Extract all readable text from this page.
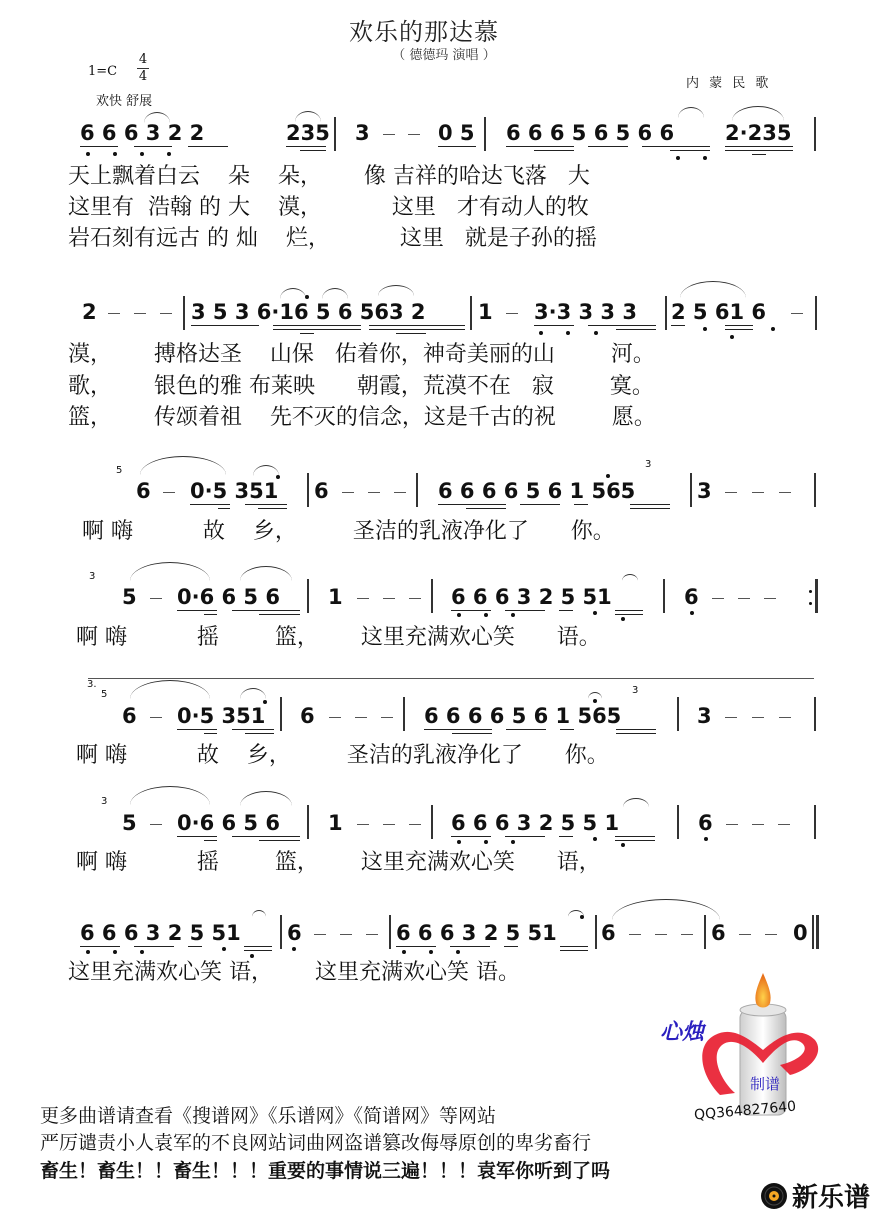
欢乐的那达慕
（ 德德玛 演唱 ）
1=C
4
4
欢快 舒展
内 蒙 民 歌
6 6 6 3 2 2	235 3	0 5 6 6 6 5 6 5 6 6 2·235
天上飘着白云    朵    朵，      像 吉祥的哈达飞落   大
这里有  浩翰 的 大    漠，          这里   才有动人的牧
岩石刻有远古 的 灿    烂，          这里   就是子孙的摇
2	3 5 3 6·16 5 6 563 2	1 3·3 3 3 3 2 5 61 6
漠，      搏格达圣    山保   佑着你，神奇美丽的山        河。
歌，      银色的雅 布莱映      朝霞，荒漠不在   寂        寞。
篮，      传颂着祖    先不灭的信念，这是千古的祝        愿。
5
6 0·5 351 6	6 6 6 6 5 6 1 565
3
3
啊 嗨          故    乡，        圣洁的乳液净化了      你。
3
5 0·6 6 5 6 1	6 6 6 3 2 5 51	6
啊 嗨          摇        篮，      这里充满欢心笑      语。
3.
5
6 0·5 351 6	6 6 6 6 5 6 1 565
3
3
啊 嗨          故    乡，        圣洁的乳液净化了      你。
3
5 0·6 6 5 6 1	6 6 6 3 2 5 5 1	6
啊 嗨          摇        篮，      这里充满欢心笑      语，
6 6 6 3 2 5 51 6	6 6 6 3 2 5 51 6	6	0
这里充满欢心笑 语，      这里充满欢心笑 语。
心烛
制谱
QQ364827640
更多曲谱请查看《搜谱网》《乐谱网》《简谱网》等网站
严厉谴责小人袁军的不良网站词曲网盗谱篡改侮辱原创的卑劣畜行
畜生！畜生！！畜生！！！重要的事情说三遍！！！袁军你听到了吗
新乐谱
